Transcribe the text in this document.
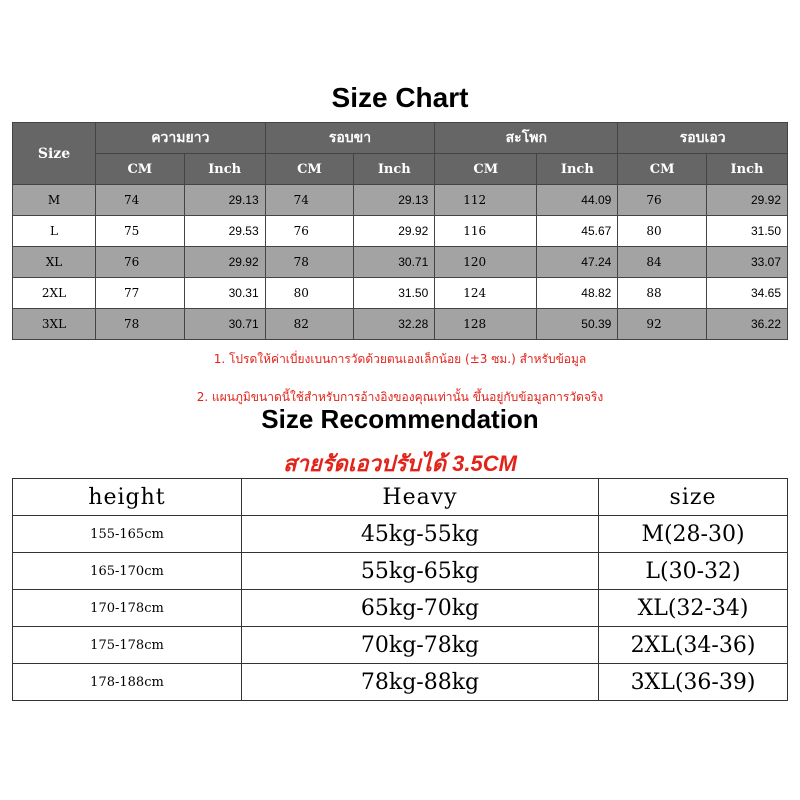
Size Chart
Size	ความยาว		รอบขา		สะโพก		รอบเอว	
	CM	Inch	CM	Inch	CM	Inch	CM	Inch
M	74	29.13	74	29.13	112	44.09	76	29.92
L	75	29.53	76	29.92	116	45.67	80	31.50
XL	76	29.92	78	30.71	120	47.24	84	33.07
2XL	77	30.31	80	31.50	124	48.82	88	34.65
3XL	78	30.71	82	32.28	128	50.39	92	36.22
1. โปรดให้ค่าเบี่ยงเบนการวัดด้วยตนเองเล็กน้อย (±3 ซม.) สำหรับข้อมูล
2. แผนภูมิขนาดนี้ใช้สำหรับการอ้างอิงของคุณเท่านั้น ขึ้นอยู่กับข้อมูลการวัดจริง
Size Recommendation
สายรัดเอวปรับได้ 3.5CM
height	Heavy	size
155-165cm	45kg-55kg	M(28-30)
165-170cm	55kg-65kg	L(30-32)
170-178cm	65kg-70kg	XL(32-34)
175-178cm	70kg-78kg	2XL(34-36)
178-188cm	78kg-88kg	3XL(36-39)
